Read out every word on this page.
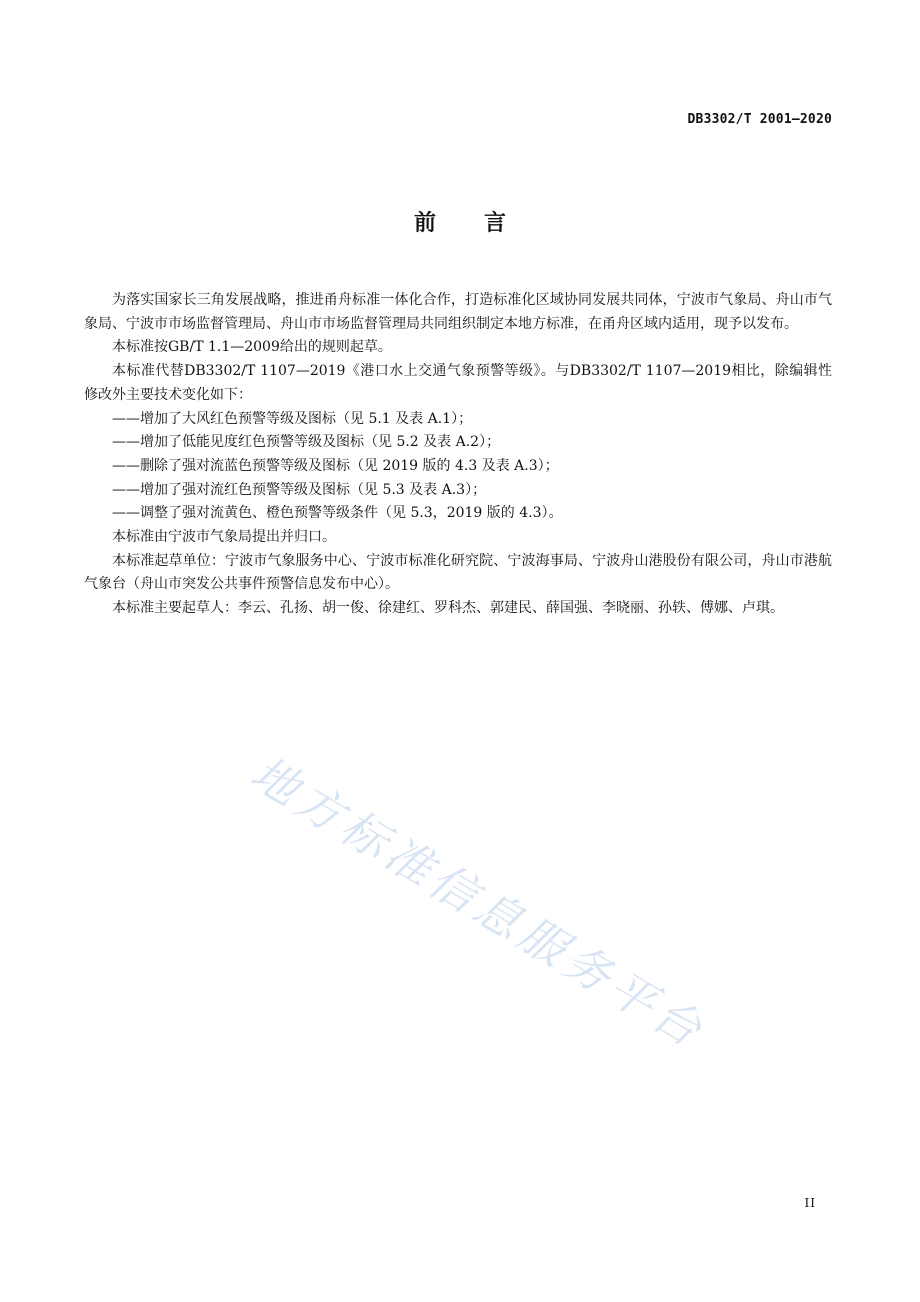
DB3302/T 2001—2020
前言

为落实国家长三角发展战略，推进甬舟标准一体化合作，打造标准化区域协同发展共同体，宁波市气象局、舟山市气象局、宁波市市场监督管理局、舟山市市场监督管理局共同组织制定本地方标准，在甬舟区域内适用，现予以发布。

本标准按GB/T 1.1—2009给出的规则起草。

本标准代替DB3302/T 1107—2019《港口水上交通气象预警等级》。与DB3302/T 1107—2019相比，除编辑性修改外主要技术变化如下：

——增加了大风红色预警等级及图标（见 5.1 及表 A.1）；

——增加了低能见度红色预警等级及图标（见 5.2 及表 A.2）；

——删除了强对流蓝色预警等级及图标（见 2019 版的 4.3 及表 A.3）；

——增加了强对流红色预警等级及图标（见 5.3 及表 A.3）；

——调整了强对流黄色、橙色预警等级条件（见 5.3，2019 版的 4.3）。

本标准由宁波市气象局提出并归口。

本标准起草单位：宁波市气象服务中心、宁波市标准化研究院、宁波海事局、宁波舟山港股份有限公司，舟山市港航气象台（舟山市突发公共事件预警信息发布中心）。

本标准主要起草人：李云、孔扬、胡一俊、徐建红、罗科杰、郭建民、薛国强、李晓丽、孙轶、傅娜、卢琪。

地方标准信息服务平台
II
